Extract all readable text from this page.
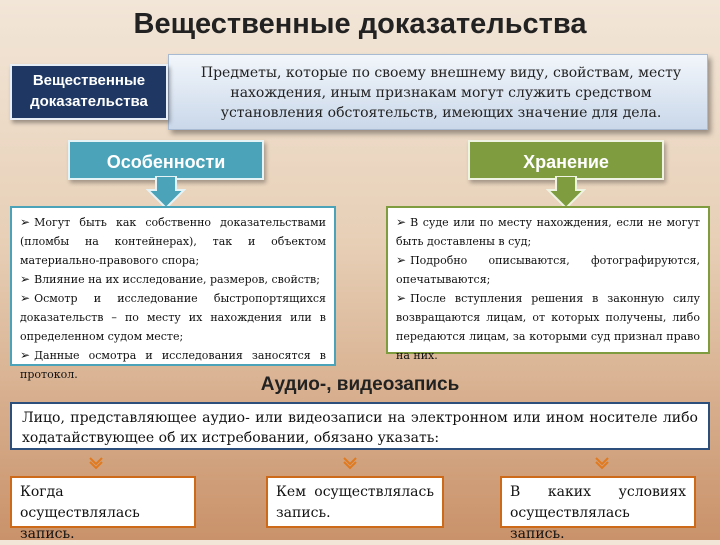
Вещественные доказательства
Предметы, которые по своему внешнему виду, свойствам, месту нахождения, иным признакам могут служить средством установления обстоятельств, имеющих значение для дела.
Вещественные доказательства
Особенности	Хранение
➢ Могут быть как собственно доказательствами (пломбы на контейнерах), так и объектом материально-правового спора;
➢ Влияние на их исследование, размеров, свойств;
➢ Осмотр и исследование быстропортящихся доказательств – по месту их нахождения или в определенном судом месте;
➢ Данные осмотра и исследования заносятся в протокол.
➢ В суде или по месту нахождения, если не могут быть доставлены в суд;
➢ Подробно описываются, фотографируются, опечатываются;
➢ После вступления решения в законную силу возвращаются лицам, от которых получены, либо передаются лицам, за которыми суд признал право на них.
Аудио-, видеозапись
Лицо, представляющее аудио- или видеозаписи на электронном или ином носителе либо ходатайствующее об их истребовании, обязано указать:
Когда осуществлялась запись.
Кем осуществлялась запись.
В каких условиях осуществлялась запись.
